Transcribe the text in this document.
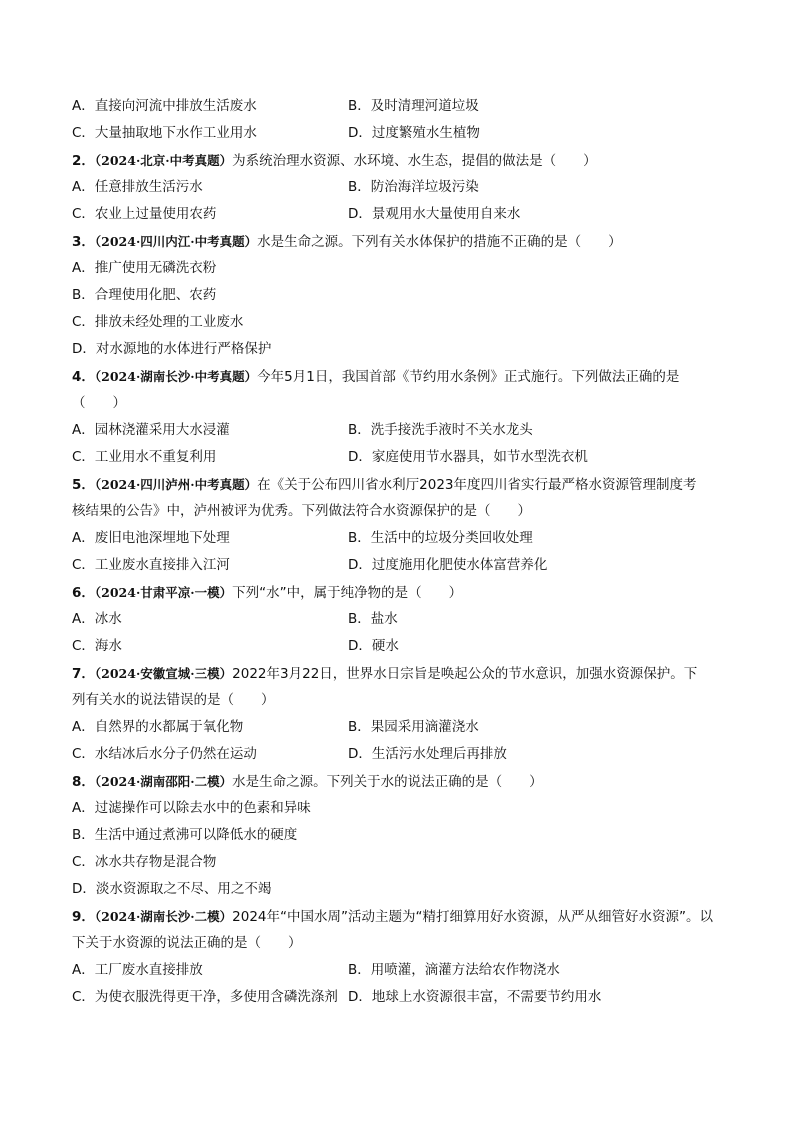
A．直接向河流中排放生活废水	B．及时清理河道垃圾
C．大量抽取地下水作工业用水	D．过度繁殖水生植物
2．（2024·北京·中考真题）为系统治理水资源、水环境、水生态，提倡的做法是（　　）
A．任意排放生活污水	B．防治海洋垃圾污染
C．农业上过量使用农药	D．景观用水大量使用自来水
3．（2024·四川内江·中考真题）水是生命之源。下列有关水体保护的措施不正确的是（　　）
A．推广使用无磷洗衣粉
B．合理使用化肥、农药
C．排放未经处理的工业废水
D．对水源地的水体进行严格保护
4．（2024·湖南长沙·中考真题）今年5月1日，我国首部《节约用水条例》正式施行。下列做法正确的是
（　　）
A．园林浇灌采用大水浸灌	B．洗手接洗手液时不关水龙头
C．工业用水不重复利用	D．家庭使用节水器具，如节水型洗衣机
5．（2024·四川泸州·中考真题）在《关于公布四川省水利厅2023年度四川省实行最严格水资源管理制度考
核结果的公告》中，泸州被评为优秀。下列做法符合水资源保护的是（　　）
A．废旧电池深埋地下处理	B．生活中的垃圾分类回收处理
C．工业废水直接排入江河	D．过度施用化肥使水体富营养化
6．（2024·甘肃平凉·一模）下列“水”中，属于纯净物的是（　　）
A．冰水	B．盐水
C．海水	D．硬水
7．（2024·安徽宣城·三模）2022年3月22日，世界水日宗旨是唤起公众的节水意识，加强水资源保护。下
列有关水的说法错误的是（　　）
A．自然界的水都属于氧化物	B．果园采用滴灌浇水
C．水结冰后水分子仍然在运动	D．生活污水处理后再排放
8．（2024·湖南邵阳·二模）水是生命之源。下列关于水的说法正确的是（　　）
A．过滤操作可以除去水中的色素和异味
B．生活中通过煮沸可以降低水的硬度
C．冰水共存物是混合物
D．淡水资源取之不尽、用之不竭
9．（2024·湖南长沙·二模）2024年“中国水周”活动主题为“精打细算用好水资源，从严从细管好水资源”。以
下关于水资源的说法正确的是（　　）
A．工厂废水直接排放	B．用喷灌，滴灌方法给农作物浇水
C．为使衣服洗得更干净，多使用含磷洗涤剂 D．地球上水资源很丰富，不需要节约用水
